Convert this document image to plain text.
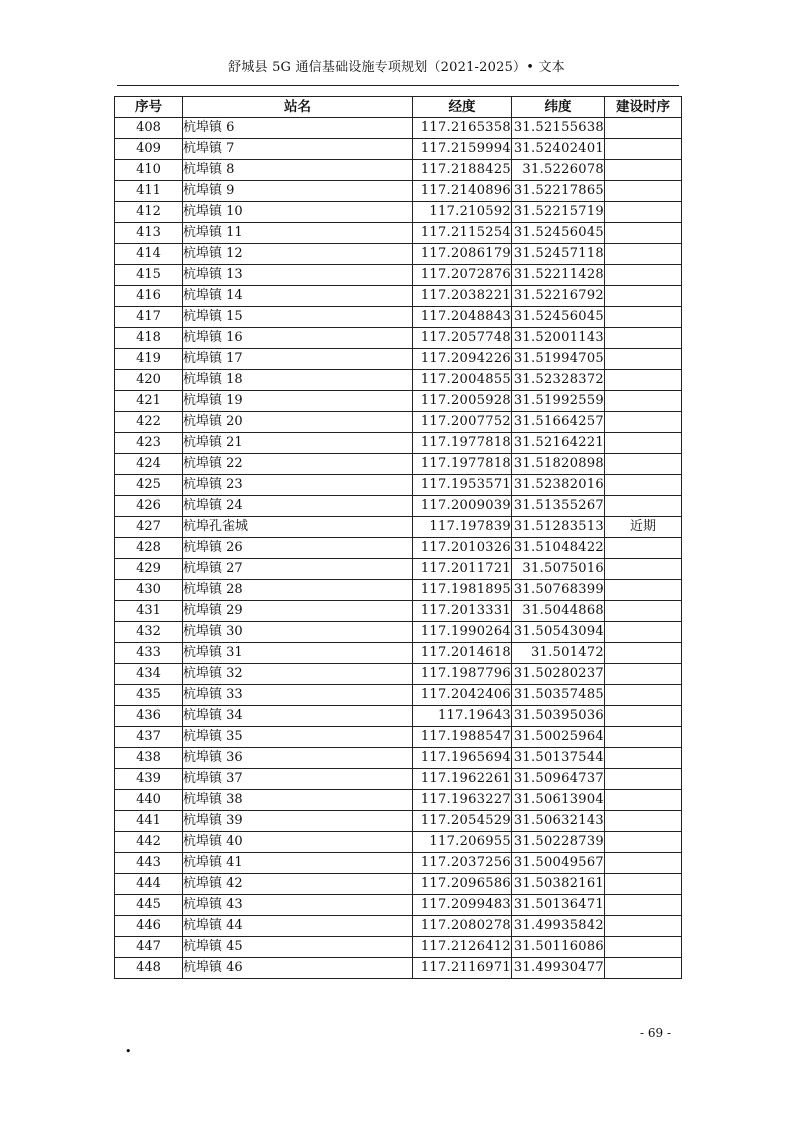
舒城县 5G 通信基础设施专项规划（2021-2025）• 文本
序号	站名	经度	纬度	建设时序
408	杭埠镇 6	117.2165358	31.52155638	
409	杭埠镇 7	117.2159994	31.52402401	
410	杭埠镇 8	117.2188425	31.5226078	
411	杭埠镇 9	117.2140896	31.52217865	
412	杭埠镇 10	117.210592	31.52215719	
413	杭埠镇 11	117.2115254	31.52456045	
414	杭埠镇 12	117.2086179	31.52457118	
415	杭埠镇 13	117.2072876	31.52211428	
416	杭埠镇 14	117.2038221	31.52216792	
417	杭埠镇 15	117.2048843	31.52456045	
418	杭埠镇 16	117.2057748	31.52001143	
419	杭埠镇 17	117.2094226	31.51994705	
420	杭埠镇 18	117.2004855	31.52328372	
421	杭埠镇 19	117.2005928	31.51992559	
422	杭埠镇 20	117.2007752	31.51664257	
423	杭埠镇 21	117.1977818	31.52164221	
424	杭埠镇 22	117.1977818	31.51820898	
425	杭埠镇 23	117.1953571	31.52382016	
426	杭埠镇 24	117.2009039	31.51355267	
427	杭埠孔雀城	117.197839	31.51283513	近期
428	杭埠镇 26	117.2010326	31.51048422	
429	杭埠镇 27	117.2011721	31.5075016	
430	杭埠镇 28	117.1981895	31.50768399	
431	杭埠镇 29	117.2013331	31.5044868	
432	杭埠镇 30	117.1990264	31.50543094	
433	杭埠镇 31	117.2014618	31.501472	
434	杭埠镇 32	117.1987796	31.50280237	
435	杭埠镇 33	117.2042406	31.50357485	
436	杭埠镇 34	117.19643	31.50395036	
437	杭埠镇 35	117.1988547	31.50025964	
438	杭埠镇 36	117.1965694	31.50137544	
439	杭埠镇 37	117.1962261	31.50964737	
440	杭埠镇 38	117.1963227	31.50613904	
441	杭埠镇 39	117.2054529	31.50632143	
442	杭埠镇 40	117.206955	31.50228739	
443	杭埠镇 41	117.2037256	31.50049567	
444	杭埠镇 42	117.2096586	31.50382161	
445	杭埠镇 43	117.2099483	31.50136471	
446	杭埠镇 44	117.2080278	31.49935842	
447	杭埠镇 45	117.2126412	31.50116086	
448	杭埠镇 46	117.2116971	31.49930477	
- 69 -
•
